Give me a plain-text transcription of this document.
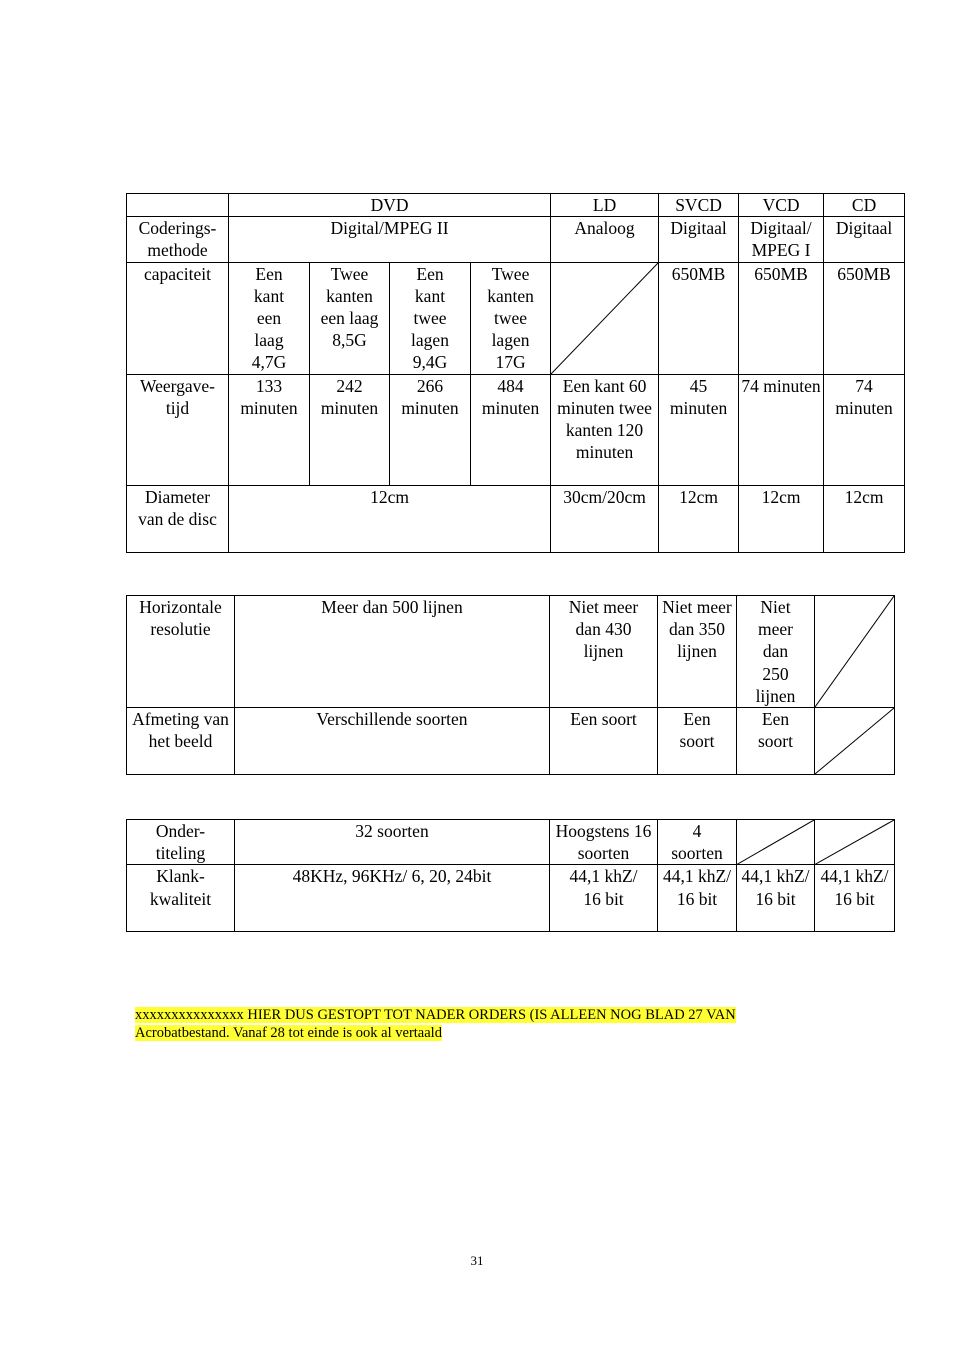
	DVD				LD	SVCD	VCD	CD
Coderings-methode	Digital/MPEG II				Analoog	Digitaal	Digitaal/ MPEG I	Digitaal
capaciteit	Een kant een laag 4,7G	Twee kanten een laag 8,5G	Een kant twee lagen 9,4G	Twee kanten twee lagen 17G		650MB	650MB	650MB
Weergave-tijd	133 minuten	242 minuten	266 minuten	484 minuten	Een kant 60 minuten twee kanten 120 minuten	45 minuten	74 minuten	74 minuten
Diameter van de disc	12cm				30cm/20cm	12cm	12cm	12cm
Horizontale resolutie	Meer dan 500 lijnen	Niet meer dan 430 lijnen	Niet meer dan 350 lijnen	Niet meer dan 250 lijnen	

Afmeting van het beeld	Verschillende soorten	Een soort	Een soort	Een soort	
Onder-titeling	32 soorten	Hoogstens 16 soorten	4 soorten	

Klank-kwaliteit	48KHz, 96KHz/ 6, 20, 24bit	44,1 khZ/ 16 bit	44,1 khZ/ 16 bit	44,1 khZ/ 16 bit	44,1 khZ/ 16 bit
xxxxxxxxxxxxxxx HIER DUS GESTOPT TOT NADER ORDERS (IS ALLEEN NOG BLAD 27 VAN
Acrobatbestand. Vanaf 28 tot einde is ook al vertaald
31
